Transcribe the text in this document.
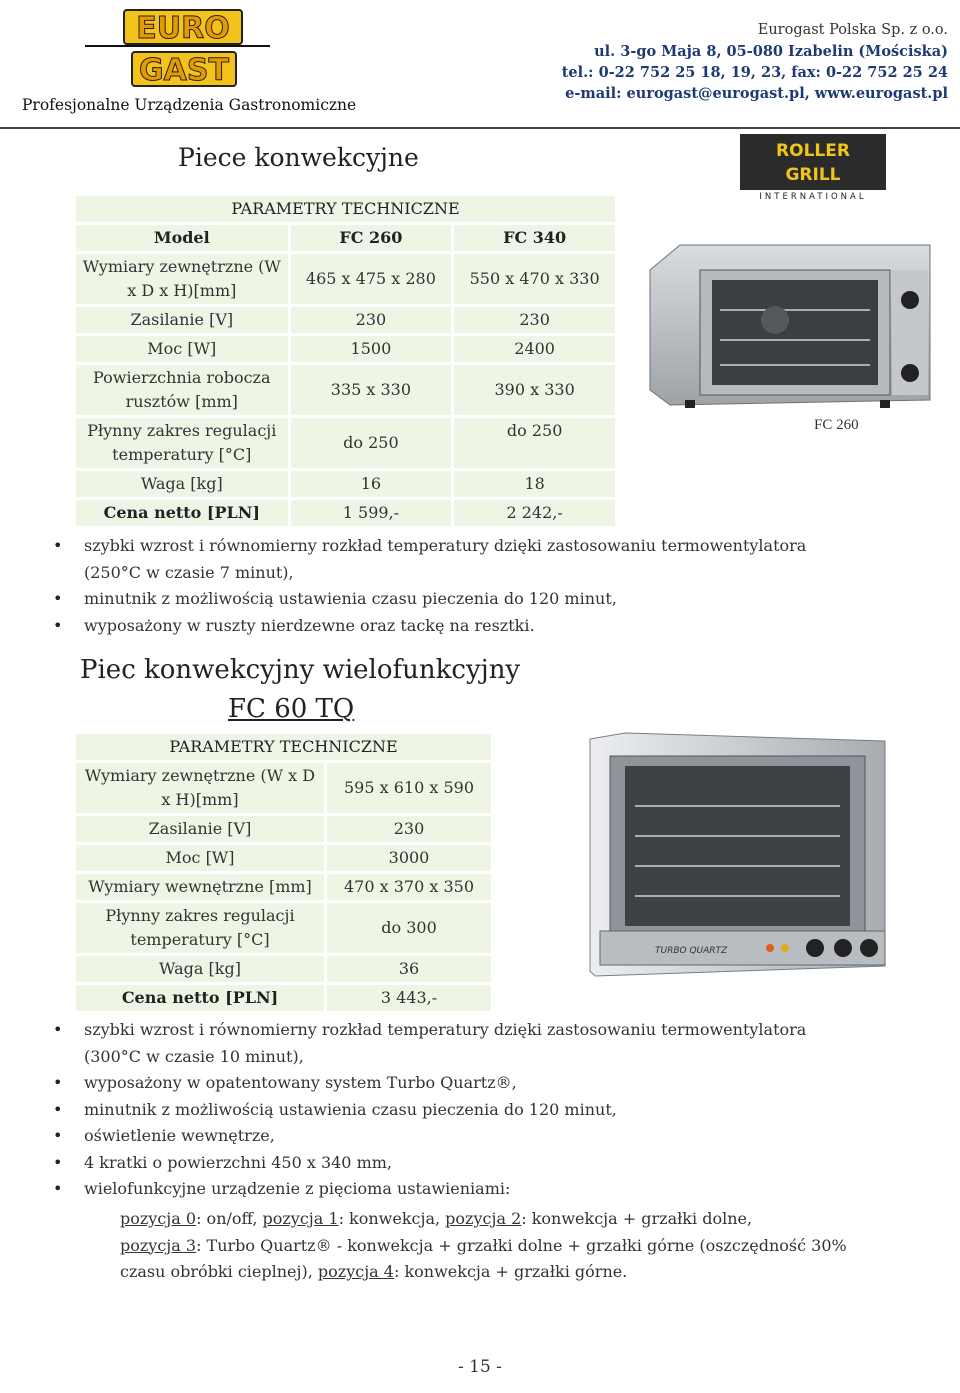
EURO
GAST
Profesjonalne Urządzenia Gastronomiczne
Eurogast Polska Sp. z o.o.
ul. 3-go Maja 8, 05-080 Izabelin (Mościska)
tel.: 0-22 752 25 18, 19, 23, fax: 0-22 752 25 24
e-mail: eurogast@eurogast.pl, www.eurogast.pl
Piece konwekcyjne
PARAMETRY TECHNICZNE		
Model	FC 260	FC 340
Wymiary zewnętrzne (W x D x H)[mm]	465 x 475 x 280	550 x 470 x 330
Zasilanie [V]	230	230
Moc [W]	1500	2400
Powierzchnia robocza rusztów [mm]	335 x 330	390 x 330
Płynny zakres regulacji temperatury [°C]	do 250	do 250
Waga [kg]	16	18
Cena netto [PLN]	1 599,-	2 242,-
ROLLER
GRILL
INTERNATIONAL
FC 260
• szybki wzrost i równomierny rozkład temperatury dzięki zastosowaniu termowentylatora (250°C w czasie 7 minut),
• minutnik z możliwością ustawienia czasu pieczenia do 120 minut,
• wyposażony w ruszty nierdzewne oraz tackę na resztki.
Piec konwekcyjny wielofunkcyjny
FC 60 TQ
PARAMETRY TECHNICZNE	
Wymiary zewnętrzne (W x D x H)[mm]	595 x 610 x 590
Zasilanie [V]	230
Moc [W]	3000
Wymiary wewnętrzne [mm]	470 x 370 x 350
Płynny zakres regulacji temperatury [°C]	do 300
Waga [kg]	36
Cena netto [PLN]	3 443,-
TURBO QUARTZ
• szybki wzrost i równomierny rozkład temperatury dzięki zastosowaniu termowentylatora (300°C w czasie 10 minut),
• wyposażony w opatentowany system Turbo Quartz®,
• minutnik z możliwością ustawienia czasu pieczenia do 120 minut,
• oświetlenie wewnętrze,
• 4 kratki o powierzchni 450 x 340 mm,
• wielofunkcyjne urządzenie z pięcioma ustawieniami:
pozycja 0: on/off, pozycja 1: konwekcja, pozycja 2: konwekcja + grzałki dolne,
pozycja 3: Turbo Quartz® - konwekcja + grzałki dolne + grzałki górne (oszczędność 30% czasu obróbki cieplnej), pozycja 4: konwekcja + grzałki górne.
- 15 -
